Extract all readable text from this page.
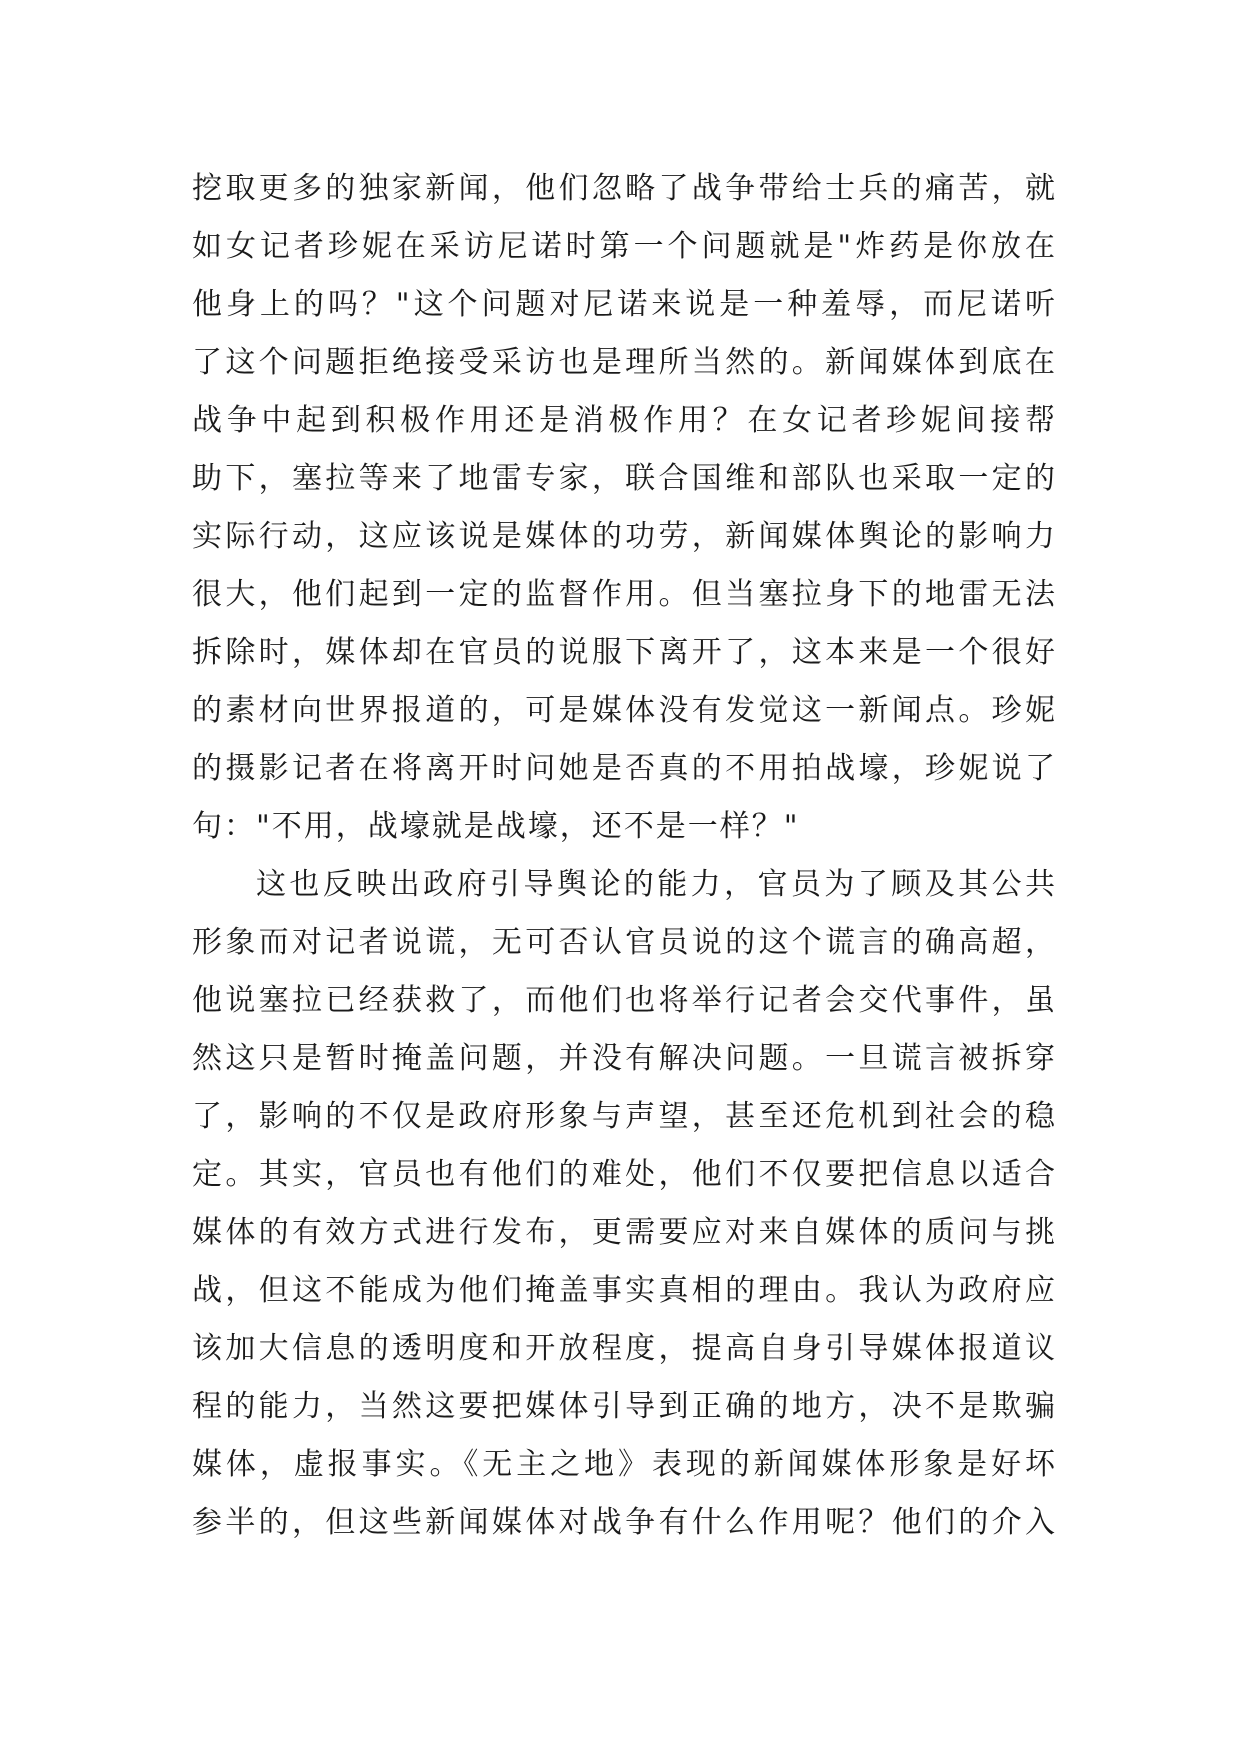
挖取更多的独家新闻，他们忽略了战争带给士兵的痛苦，就
如女记者珍妮在采访尼诺时第一个问题就是"炸药是你放在
他身上的吗？"这个问题对尼诺来说是一种羞辱，而尼诺听
了这个问题拒绝接受采访也是理所当然的。新闻媒体到底在
战争中起到积极作用还是消极作用？在女记者珍妮间接帮
助下，塞拉等来了地雷专家，联合国维和部队也采取一定的
实际行动，这应该说是媒体的功劳，新闻媒体舆论的影响力
很大，他们起到一定的监督作用。但当塞拉身下的地雷无法
拆除时，媒体却在官员的说服下离开了，这本来是一个很好
的素材向世界报道的，可是媒体没有发觉这一新闻点。珍妮
的摄影记者在将离开时问她是否真的不用拍战壕，珍妮说了
句："不用，战壕就是战壕，还不是一样？"
这也反映出政府引导舆论的能力，官员为了顾及其公共
形象而对记者说谎，无可否认官员说的这个谎言的确高超，
他说塞拉已经获救了，而他们也将举行记者会交代事件，虽
然这只是暂时掩盖问题，并没有解决问题。一旦谎言被拆穿
了，影响的不仅是政府形象与声望，甚至还危机到社会的稳
定。其实，官员也有他们的难处，他们不仅要把信息以适合
媒体的有效方式进行发布，更需要应对来自媒体的质问与挑
战，但这不能成为他们掩盖事实真相的理由。我认为政府应
该加大信息的透明度和开放程度，提高自身引导媒体报道议
程的能力，当然这要把媒体引导到正确的地方，决不是欺骗
媒体，虚报事实。《无主之地》表现的新闻媒体形象是好坏
参半的，但这些新闻媒体对战争有什么作用呢？他们的介入
